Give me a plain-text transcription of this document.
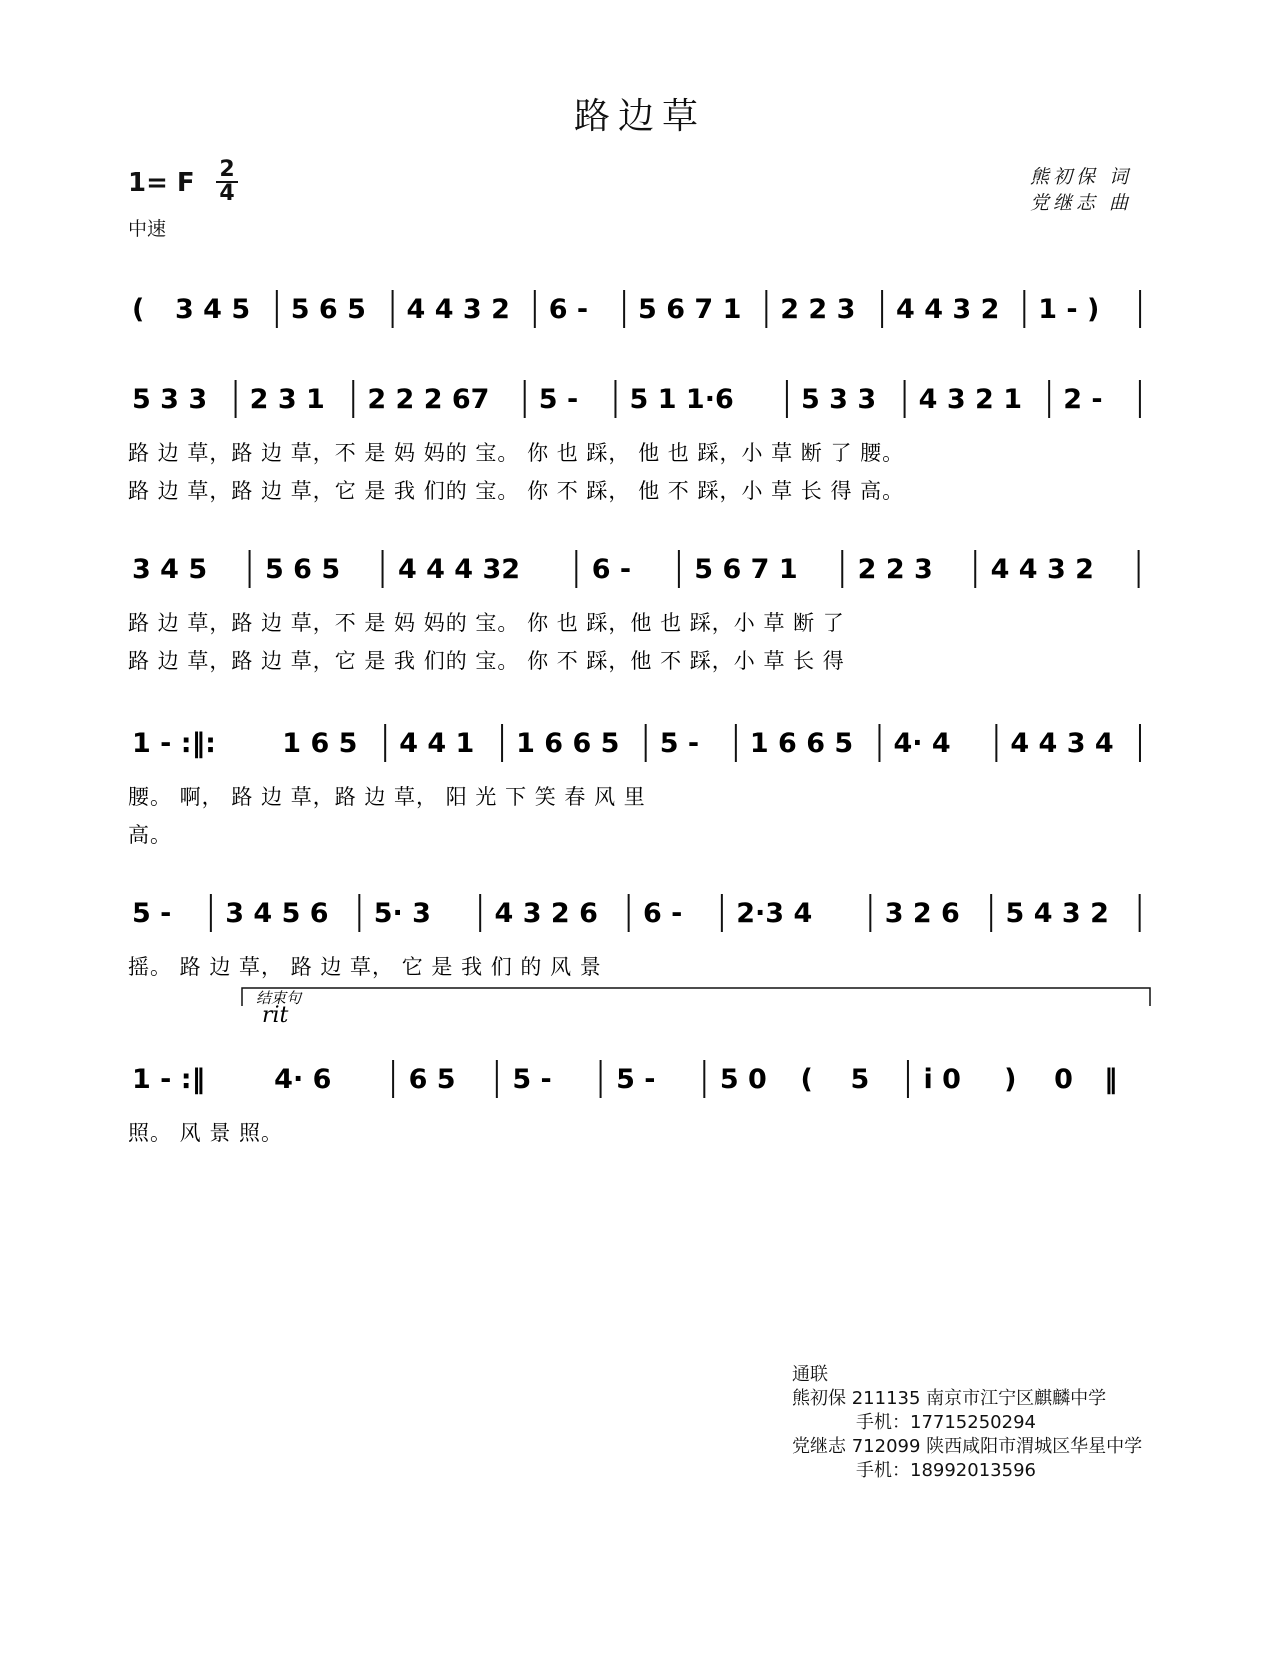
路边草
1= F 2
4
中速
熊初保 词
党继志 曲
( 3 4 5 5 6 5 4 4 3 2 6 - 5 6 7 1 2 2 3 4 4 3 2 1 - )
5 3 3 2 3 1 2 2 2 67 5 - 5 1 1·6 5 3 3 4 3 2 1 2 -
路 边 草，路 边 草，不 是 妈 妈的 宝。 你 也 踩， 他 也 踩，小 草 断 了 腰。
路 边 草，路 边 草，它 是 我 们的 宝。 你 不 踩， 他 不 踩，小 草 长 得 高。
3 4 5 5 6 5 4 4 4 32	6 - 5 6 7 1 2 2 3 4 4 3 2
路 边 草，路 边 草，不 是 妈 妈的 宝。 你 也 踩，他 也 踩，小 草 断 了
路 边 草，路 边 草，它 是 我 们的 宝。 你 不 踩，他 不 踩，小 草 长 得
1 - :‖: 1 6 5 4 4 1 1 6 6 5 5 - 1 6 6 5 4· 4 4 4 3 4
腰。 啊， 路 边 草，路 边 草， 阳 光 下 笑 春 风 里
高。
5 - 3 4 5 6 5· 3 4 3 2 6 6 - 2·3 4	3 2 6 5 4 3 2
摇。 路 边 草， 路 边 草， 它 是 我 们 的 风 景
1 - :‖	4· 6	6 5 5 - 5 - 5 0 ( 5 i 0 ) 0 ‖
照。 风 景 照。
结束句
rit
通联
熊初保 211135 南京市江宁区麒麟中学
手机：17715250294
党继志 712099 陕西咸阳市渭城区华星中学
手机：18992013596
